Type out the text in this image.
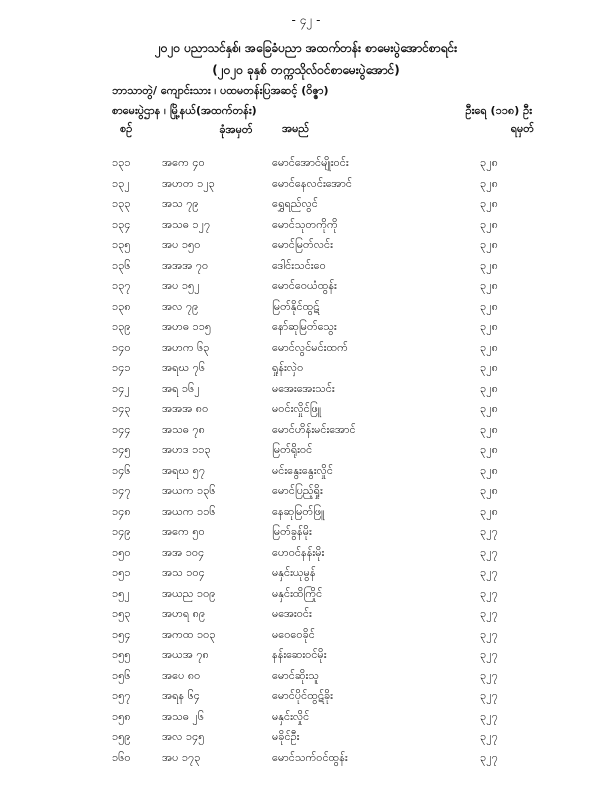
- ၄၂ -
၂၀၂၀ ပညာသင်နှစ်၊ အခြေခံပညာ အထက်တန်း စာမေးပွဲအောင်စာရင်း
(၂၀၂၀ ခုနှစ် တက္ကသိုလ်ဝင်စာမေးပွဲအောင်)
ဘာသာတွဲ/ ကျောင်းသား ၊ ပထမတန်းပြအဆင့် (ဝိဇ္ဇာ)
စာမေးပွဲဌာန ၊ မြို့နယ်(အထက်တန်း)	ဦးရေ (၁၁၈) ဦး
စဉ်	ခုံအမှတ်	အမည်	ရမှတ်
၁၃၁	အကေ ၄၀	မောင်အောင်မျိုးဝင်း	၃၂၈
၁၃၂	အဟတ ၁၂၃	မောင်နေလင်းအောင်	၃၂၈
၁၃၃	အသ ၇၉	ရွှေရည်လွင်	၃၂၈
၁၃၄	အသဓ ၁၂၇	မောင်သုတကိုကို	၃၂၈
၁၃၅	အပ ၁၅၀	မောင်မြတ်လင်း	၃၂၈
၁၃၆	အအအ ၇၀	ဒေါင်းသင်းဝေ	၃၂၈
၁၃၇	အပ ၁၅၂	မောင်ဝေယံထွန်း	၃၂၈
၁၃၈	အလ ၇၉	မြတ်နိုင်ထွဋ်	၃၂၈
၁၃၉	အဟဓ ၁၁၅	နော်ဆုမြတ်သွေး	၃၂၈
၁၄၀	အဟက ၆၃	မောင်လွင်မင်းထက်	၃၂၈
၁၄၁	အရဃ ၇၆	ရှုန်းလှဲဝ	၃၂၈
၁၄၂	အရ ၁၆၂	မအေးအေးသင်း	၃၂၈
၁၄၃	အအအ ၈၀	မဝင်းလှိုင်ဖြူ	၃၂၈
၁၄၄	အသဓ ၇၈	မောင်ဟိန်းမင်းအောင်	၃၂၈
၁၄၅	အဟဒ ၁၁၃	မြတ်ရိုးဝင်	၃၂၈
၁၄၆	အရဃ ၅၇	မင်းနွေးနွေးလှိုင်	၃၂၈
၁၄၇	အယက ၁၃၆	မောင်ပြည့်ရှိုး	၃၂၈
၁၄၈	အယက ၁၁၆	နေဆုမြတ်ဖြူ	၃၂၈
၁၄၉	အကေ ၅၀	မြတ်ခွန်မိုး	၃၂၇
၁၅၀	အအ ၁၀၄	ဟေဝင်နန်းမိုး	၃၂၇
၁၅၁	အသ ၁၀၄	မနှင်းယုမွန်	၃၂၇
၁၅၂	အယည ၁၀၉	မနှင်းထိကြိုင်	၃၂၇
၁၅၃	အဟရ ၈၉	မအေးဝင်း	၃၂၇
၁၅၄	အကထ ၁၀၃	မဝေဝေခိုင်	၃၂၇
၁၅၅	အယအ ၇၈	နန်းဆေးဝင်မိုး	၃၂၇
၁၅၆	အပေ ၈၀	မောင်ဆိုးသူ	၃၂၇
၁၅၇	အရန ၆၄	မောင်ပိုင်ထွဋ်ခိုး	၃၂၇
၁၅၈	အသဓ ၂၆	မနှင်းလှိုင်	၃၂၇
၁၅၉	အလ ၁၄၅	မခိုင်ဦး	၃၂၇
၁၆၀	အပ ၁၇၃	မောင်သက်ဝင်ထွန်း	၃၂၇
